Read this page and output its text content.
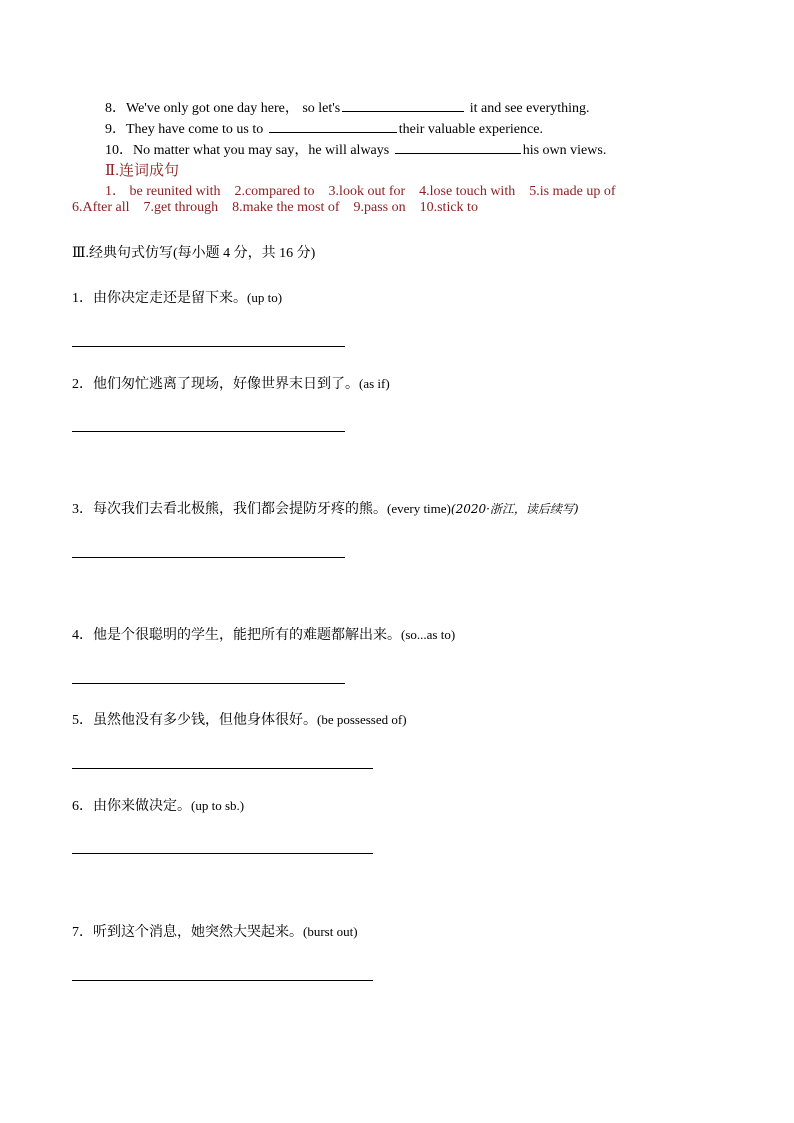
8．We've only got one day here， so let's	it and see everything.
9．They have come to us to	their valuable experience.
10．No matter what you may say，he will always	his own views.
Ⅱ.连词成句
1． be reunited with    2.compared to    3.look out for    4.lose touch with    5.is made up of
6.After all    7.get through    8.make the most of    9.pass on    10.stick to
Ⅲ.经典句式仿写(每小题 4 分，共 16 分)
1．由你决定走还是留下来。(up to)
2．他们匆忙逃离了现场，好像世界末日到了。(as if)
3．每次我们去看北极熊，我们都会提防牙疼的熊。(every time)(2020·浙江，读后续写)
4．他是个很聪明的学生，能把所有的难题都解出来。(so...as to)
5．虽然他没有多少钱，但他身体很好。(be possessed of)
6．由你来做决定。(up to sb.)
7．听到这个消息，她突然大哭起来。(burst out)
